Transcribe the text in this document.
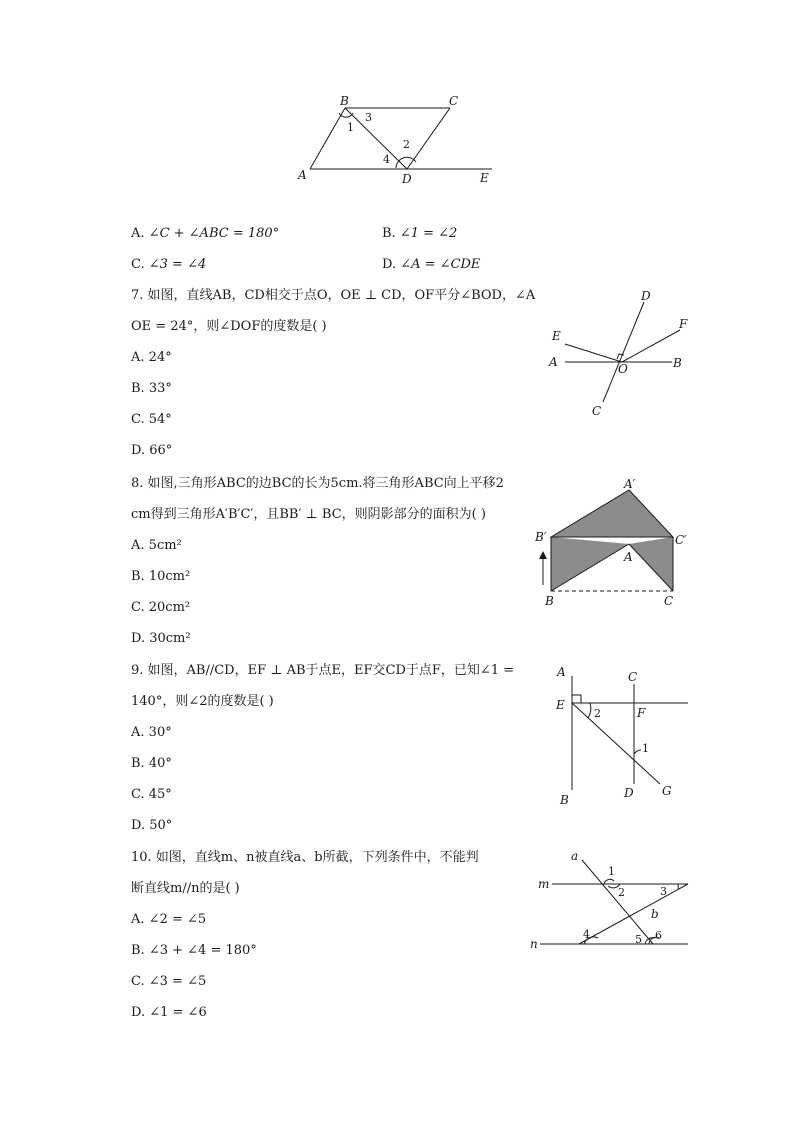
B	C
A	D	E
1
3
2
4
A. ∠C + ∠ABC = 180°	B. ∠1 = ∠2
C. ∠3 = ∠4	D. ∠A = ∠CDE
7. 如图，直线AB，CD相交于点O，OE ⊥ CD，OF平分∠BOD，∠A
OE = 24°，则∠DOF的度数是( )
A. 24°
B. 33°
C. 54°
D. 66°
D
E
F
A	O	B
C
8. 如图,三角形ABC的边BC的长为5cm.将三角形ABC向上平移2
cm得到三角形A′B′C′，且BB′ ⊥ BC，则阴影部分的面积为( )
A. 5cm²
B. 10cm²
C. 20cm²
D. 30cm²
A′
B′	C′
A
B	C
9. 如图，AB//CD，EF ⊥ AB于点E，EF交CD于点F，已知∠1 =
140°，则∠2的度数是( )
A. 30°
B. 40°
C. 45°
D. 50°
A	C
E
F
2
1
B	D G
10. 如图，直线m、n被直线a、b所截，下列条件中，不能判
断直线m//n的是( )
A. ∠2 = ∠5
B. ∠3 + ∠4 = 180°
C. ∠3 = ∠5
D. ∠1 = ∠6
a
m
b
n
1
2	3
4	5 6
